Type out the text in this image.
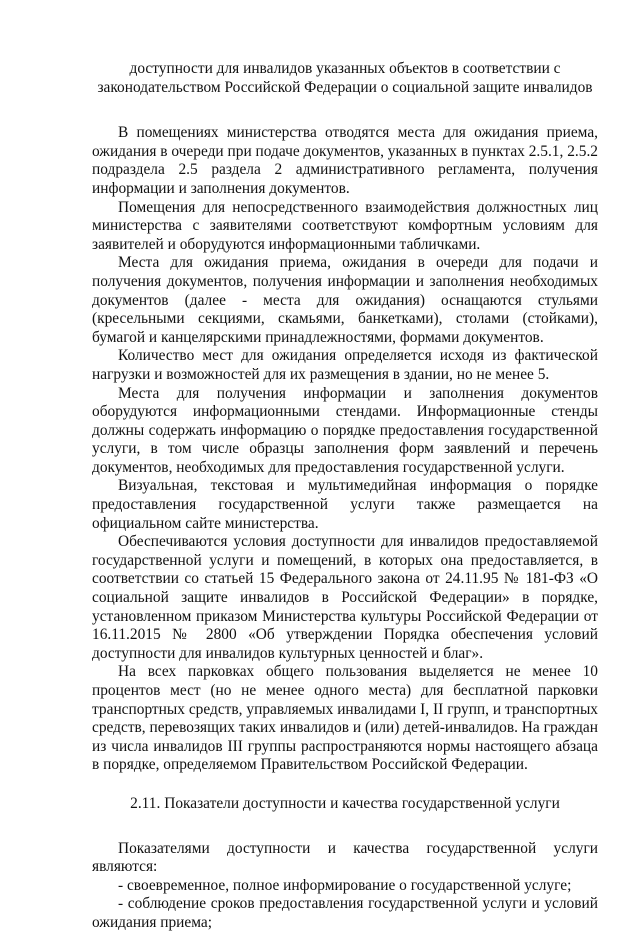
доступности для инвалидов указанных объектов в соответствии с
законодательством Российской Федерации о социальной защите инвалидов

В помещениях министерства отводятся места для ожидания приема, ожидания в очереди при подаче документов, указанных в пунктах 2.5.1, 2.5.2 подраздела 2.5 раздела 2 административного регламента, получения информации и заполнения документов.

Помещения для непосредственного взаимодействия должностных лиц министерства с заявителями соответствуют комфортным условиям для заявителей и оборудуются информационными табличками.

Места для ожидания приема, ожидания в очереди для подачи и получения документов, получения информации и заполнения необходимых документов (далее - места для ожидания) оснащаются стульями (кресельными секциями, скамьями, банкетками), столами (стойками), бумагой и канцелярскими принадлежностями, формами документов.

Количество мест для ожидания определяется исходя из фактической нагрузки и возможностей для их размещения в здании, но не менее 5.

Места для получения информации и заполнения документов оборудуются информационными стендами. Информационные стенды должны содержать информацию о порядке предоставления государственной услуги, в том числе образцы заполнения форм заявлений и перечень документов, необходимых для предоставления государственной услуги.

Визуальная, текстовая и мультимедийная информация о порядке предоставления государственной услуги также размещается на официальном сайте министерства.

Обеспечиваются условия доступности для инвалидов предоставляемой государственной услуги и помещений, в которых она предоставляется, в соответствии со статьей 15 Федерального закона от 24.11.95 № 181-ФЗ «О социальной защите инвалидов в Российской Федерации» в порядке, установленном приказом Министерства культуры Российской Федерации от 16.11.2015 № 2800 «Об утверждении Порядка обеспечения условий доступности для инвалидов культурных ценностей и благ».

На всех парковках общего пользования выделяется не менее 10 процентов мест (но не менее одного места) для бесплатной парковки транспортных средств, управляемых инвалидами I, II групп, и транспортных средств, перевозящих таких инвалидов и (или) детей-инвалидов. На граждан из числа инвалидов III группы распространяются нормы настоящего абзаца в порядке, определяемом Правительством Российской Федерации.

2.11. Показатели доступности и качества государственной услуги

Показателями доступности и качества государственной услуги являются:

- своевременное, полное информирование о государственной услуге;

- соблюдение сроков предоставления государственной услуги и условий ожидания приема;
